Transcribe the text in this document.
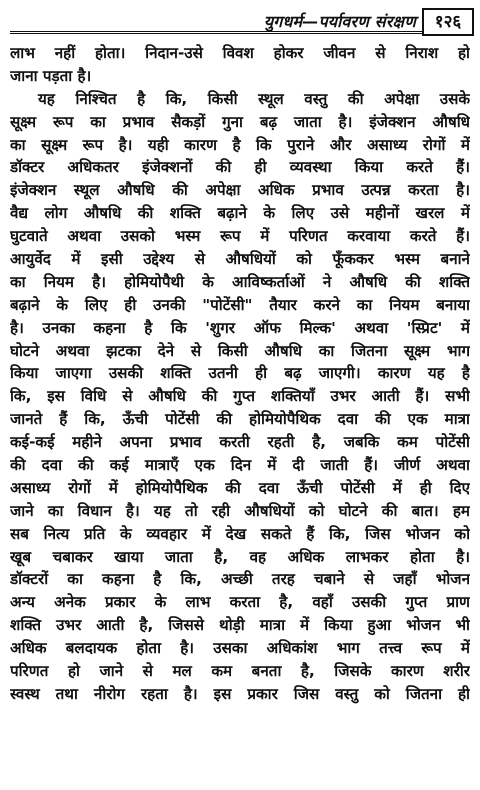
युगधर्म—पर्यावरण संरक्षण	१२६
लाभ नहीं होता। निदान-उसे विवश होकर जीवन से निराश हो
जाना पड़ता है।
यह निश्चित है कि, किसी स्थूल वस्तु की अपेक्षा उसके
सूक्ष्म रूप का प्रभाव सैकड़ों गुना बढ़ जाता है। इंजेक्शन औषधि
का सूक्ष्म रूप है। यही कारण है कि पुराने और असाध्य रोगों में
डॉक्टर अधिकतर इंजेक्शनों की ही व्यवस्था किया करते हैं।
इंजेक्शन स्थूल औषधि की अपेक्षा अधिक प्रभाव उत्पन्न करता है।
वैद्य लोग औषधि की शक्ति बढ़ाने के लिए उसे महीनों खरल में
घुटवाते अथवा उसको भस्म रूप में परिणत करवाया करते हैं।
आयुर्वेद में इसी उद्देश्य से औषधियों को फूँककर भस्म बनाने
का नियम है। होमियोपैथी के आविष्कर्ताओं ने औषधि की शक्ति
बढ़ाने के लिए ही उनकी "पोटेंसी" तैयार करने का नियम बनाया
है। उनका कहना है कि 'शुगर ऑफ मिल्क' अथवा 'स्प्रिट' में
घोटने अथवा झटका देने से किसी औषधि का जितना सूक्ष्म भाग
किया जाएगा उसकी शक्ति उतनी ही बढ़ जाएगी। कारण यह है
कि, इस विधि से औषधि की गुप्त शक्तियाँ उभर आती हैं। सभी
जानते हैं कि, ऊँची पोटेंसी की होमियोपैथिक दवा की एक मात्रा
कई-कई महीने अपना प्रभाव करती रहती है, जबकि कम पोटेंसी
की दवा की कई मात्राएँ एक दिन में दी जाती हैं। जीर्ण अथवा
असाध्य रोगों में होमियोपैथिक की दवा ऊँची पोटेंसी में ही दिए
जाने का विधान है। यह तो रही औषधियों को घोटने की बात। हम
सब नित्य प्रति के व्यवहार में देख सकते हैं कि, जिस भोजन को
खूब चबाकर खाया जाता है, वह अधिक लाभकर होता है।
डॉक्टरों का कहना है कि, अच्छी तरह चबाने से जहाँ भोजन
अन्य अनेक प्रकार के लाभ करता है, वहाँ उसकी गुप्त प्राण
शक्ति उभर आती है, जिससे थोड़ी मात्रा में किया हुआ भोजन भी
अधिक बलदायक होता है। उसका अधिकांश भाग तत्त्व रूप में
परिणत हो जाने से मल कम बनता है, जिसके कारण शरीर
स्वस्थ तथा नीरोग रहता है। इस प्रकार जिस वस्तु को जितना ही
